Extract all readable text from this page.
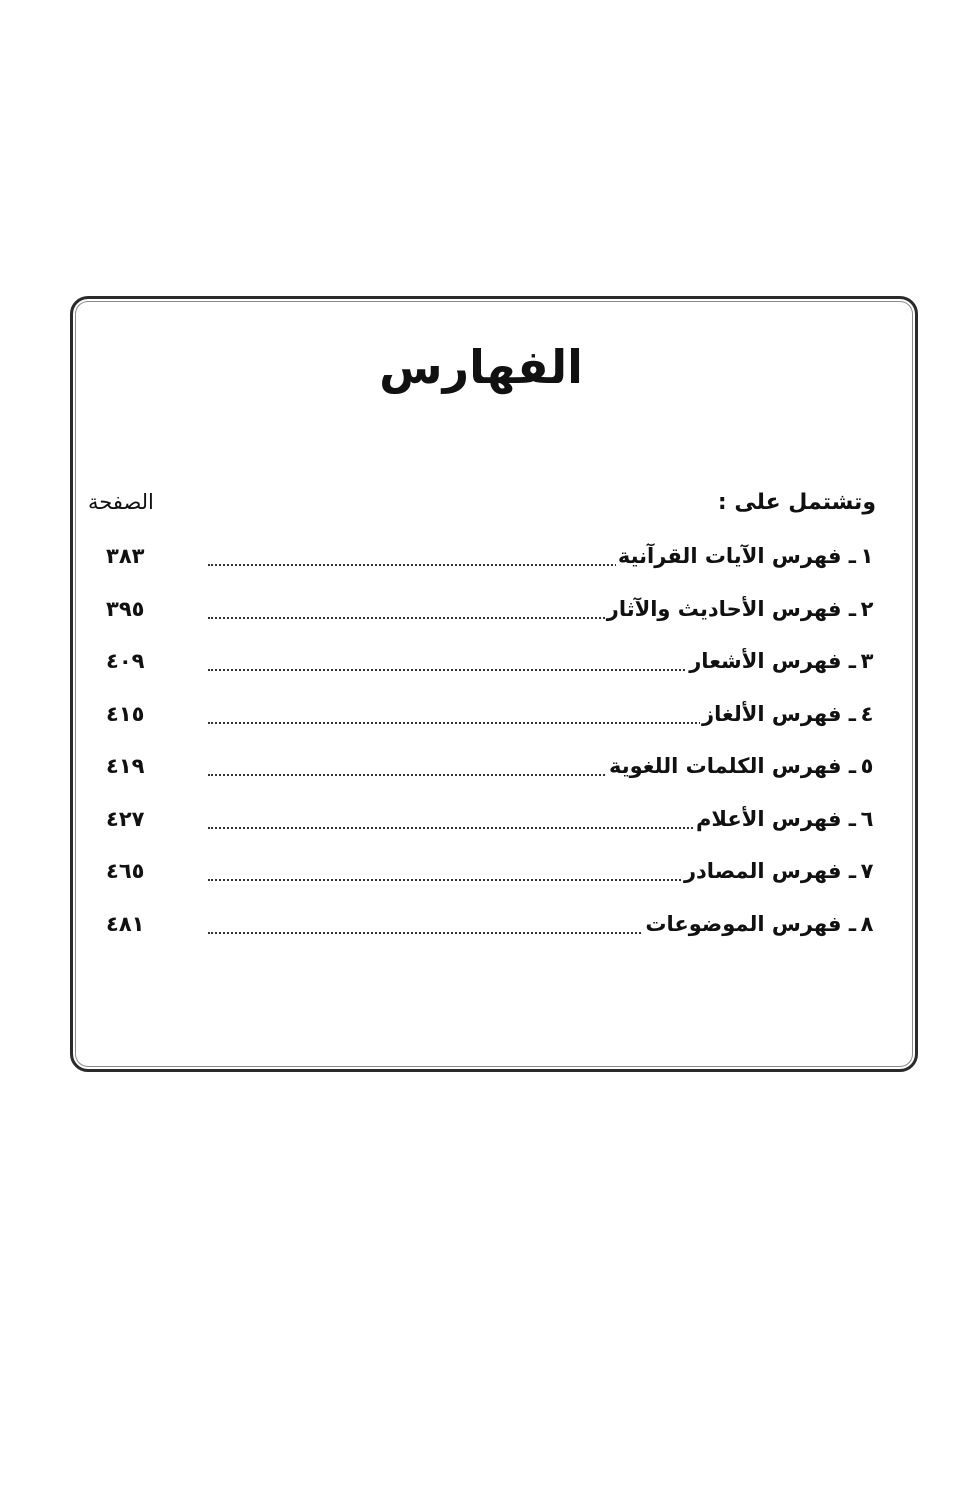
الفهارس

وتشتمل على :

الصفحة

١
ـ فهرس الآيات القرآنية
٣٨٣
٢
ـ فهرس الأحاديث والآثار
٣٩٥
٣
ـ فهرس الأشعار
٤٠٩
٤
ـ فهرس الألغاز
٤١٥
٥
ـ فهرس الكلمات اللغوية
٤١٩
٦
ـ فهرس الأعلام
٤٢٧
٧
ـ فهرس المصادر
٤٦٥
٨
ـ فهرس الموضوعات
٤٨١
